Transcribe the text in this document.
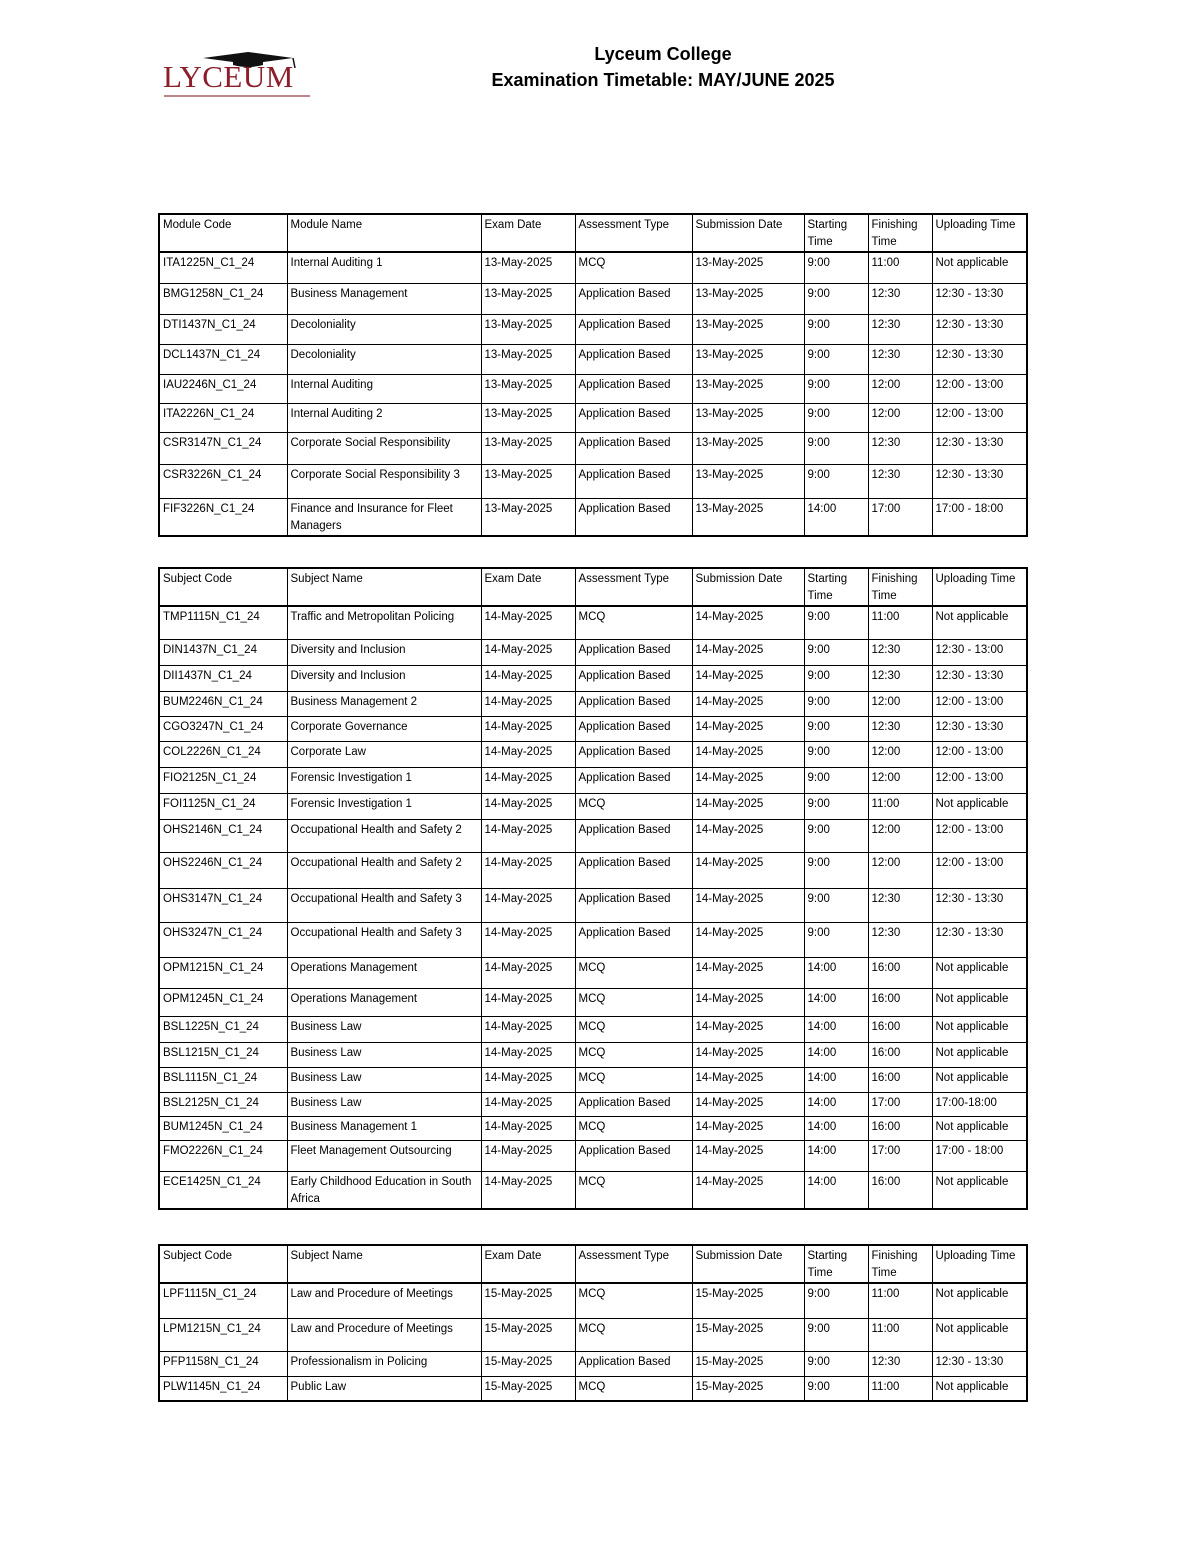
LYCEUM
Lyceum College
Examination Timetable: MAY/JUNE 2025
Module Code	Module Name	Exam Date	Assessment Type	Submission Date	Starting Time	Finishing Time	Uploading Time
ITA1225N_C1_24	Internal Auditing 1	13-May-2025	MCQ	13-May-2025	9:00	11:00	Not applicable
BMG1258N_C1_24	Business Management	13-May-2025	Application Based	13-May-2025	9:00	12:30	12:30 - 13:30
DTI1437N_C1_24	Decoloniality	13-May-2025	Application Based	13-May-2025	9:00	12:30	12:30 - 13:30
DCL1437N_C1_24	Decoloniality	13-May-2025	Application Based	13-May-2025	9:00	12:30	12:30 - 13:30
IAU2246N_C1_24	Internal Auditing	13-May-2025	Application Based	13-May-2025	9:00	12:00	12:00 - 13:00
ITA2226N_C1_24	Internal Auditing 2	13-May-2025	Application Based	13-May-2025	9:00	12:00	12:00 - 13:00
CSR3147N_C1_24	Corporate Social Responsibility	13-May-2025	Application Based	13-May-2025	9:00	12:30	12:30 - 13:30
CSR3226N_C1_24	Corporate Social Responsibility 3	13-May-2025	Application Based	13-May-2025	9:00	12:30	12:30 - 13:30
FIF3226N_C1_24	Finance and Insurance for Fleet Managers	13-May-2025	Application Based	13-May-2025	14:00	17:00	17:00 - 18:00
Subject Code	Subject Name	Exam Date	Assessment Type	Submission Date	Starting Time	Finishing Time	Uploading Time
TMP1115N_C1_24	Traffic and Metropolitan Policing	14-May-2025	MCQ	14-May-2025	9:00	11:00	Not applicable
DIN1437N_C1_24	Diversity and Inclusion	14-May-2025	Application Based	14-May-2025	9:00	12:30	12:30 - 13:00
DII1437N_C1_24	Diversity and Inclusion	14-May-2025	Application Based	14-May-2025	9:00	12:30	12:30 - 13:30
BUM2246N_C1_24	Business Management 2	14-May-2025	Application Based	14-May-2025	9:00	12:00	12:00 - 13:00
CGO3247N_C1_24	Corporate Governance	14-May-2025	Application Based	14-May-2025	9:00	12:30	12:30 - 13:30
COL2226N_C1_24	Corporate Law	14-May-2025	Application Based	14-May-2025	9:00	12:00	12:00 - 13:00
FIO2125N_C1_24	Forensic Investigation 1	14-May-2025	Application Based	14-May-2025	9:00	12:00	12:00 - 13:00
FOI1125N_C1_24	Forensic Investigation 1	14-May-2025	MCQ	14-May-2025	9:00	11:00	Not applicable
OHS2146N_C1_24	Occupational Health and Safety 2	14-May-2025	Application Based	14-May-2025	9:00	12:00	12:00 - 13:00
OHS2246N_C1_24	Occupational Health and Safety 2	14-May-2025	Application Based	14-May-2025	9:00	12:00	12:00 - 13:00
OHS3147N_C1_24	Occupational Health and Safety 3	14-May-2025	Application Based	14-May-2025	9:00	12:30	12:30 - 13:30
OHS3247N_C1_24	Occupational Health and Safety 3	14-May-2025	Application Based	14-May-2025	9:00	12:30	12:30 - 13:30
OPM1215N_C1_24	Operations Management	14-May-2025	MCQ	14-May-2025	14:00	16:00	Not applicable
OPM1245N_C1_24	Operations Management	14-May-2025	MCQ	14-May-2025	14:00	16:00	Not applicable
BSL1225N_C1_24	Business Law	14-May-2025	MCQ	14-May-2025	14:00	16:00	Not applicable
BSL1215N_C1_24	Business Law	14-May-2025	MCQ	14-May-2025	14:00	16:00	Not applicable
BSL1115N_C1_24	Business Law	14-May-2025	MCQ	14-May-2025	14:00	16:00	Not applicable
BSL2125N_C1_24	Business Law	14-May-2025	Application Based	14-May-2025	14:00	17:00	17:00-18:00
BUM1245N_C1_24	Business Management 1	14-May-2025	MCQ	14-May-2025	14:00	16:00	Not applicable
FMO2226N_C1_24	Fleet Management Outsourcing	14-May-2025	Application Based	14-May-2025	14:00	17:00	17:00 - 18:00
ECE1425N_C1_24	Early Childhood Education in South Africa	14-May-2025	MCQ	14-May-2025	14:00	16:00	Not applicable
Subject Code	Subject Name	Exam Date	Assessment Type	Submission Date	Starting Time	Finishing Time	Uploading Time
LPF1115N_C1_24	Law and Procedure of Meetings	15-May-2025	MCQ	15-May-2025	9:00	11:00	Not applicable
LPM1215N_C1_24	Law and Procedure of Meetings	15-May-2025	MCQ	15-May-2025	9:00	11:00	Not applicable
PFP1158N_C1_24	Professionalism in Policing	15-May-2025	Application Based	15-May-2025	9:00	12:30	12:30 - 13:30
PLW1145N_C1_24	Public Law	15-May-2025	MCQ	15-May-2025	9:00	11:00	Not applicable
